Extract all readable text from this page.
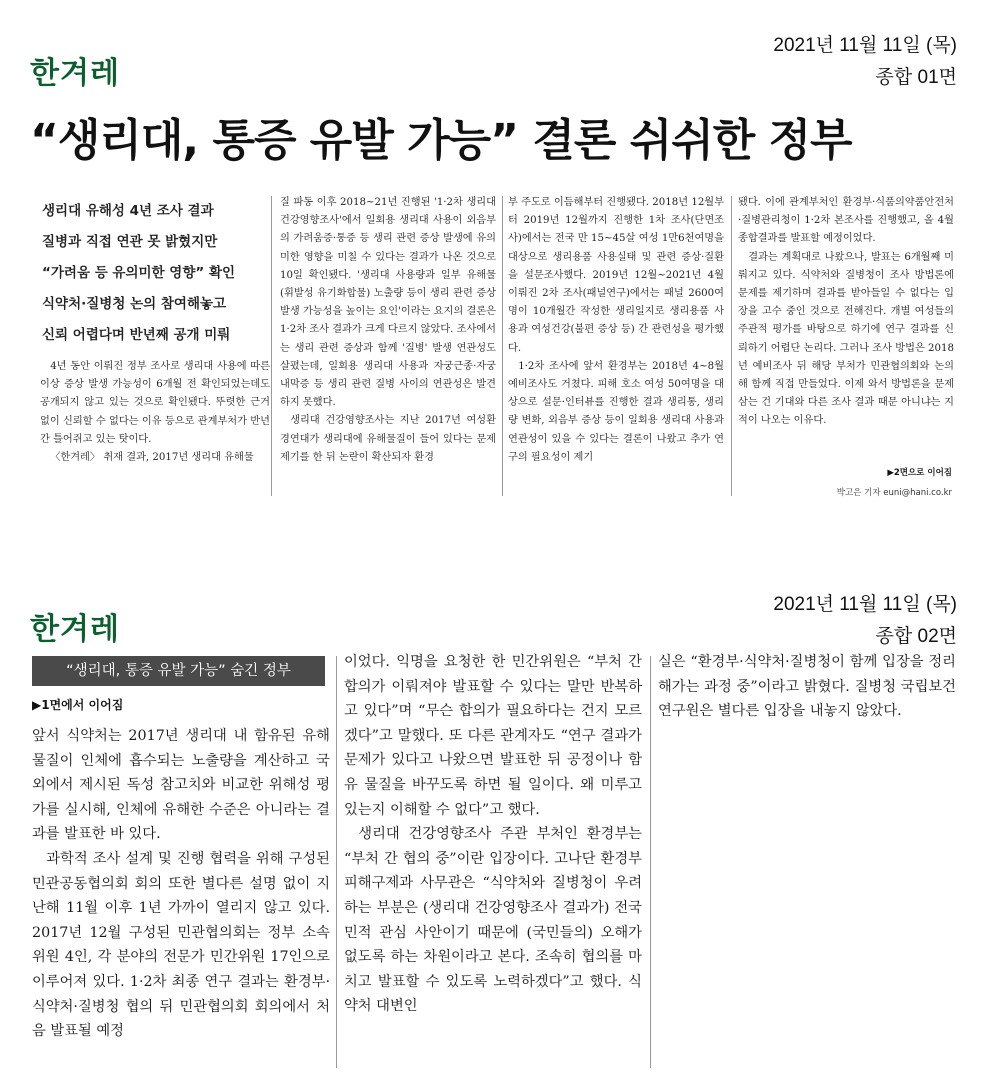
한겨레
2021년 11월 11일 (목)
종합 01면
“생리대, 통증 유발 가능” 결론 쉬쉬한 정부
생리대 유해성 4년 조사 결과
질병과 직접 연관 못 밝혔지만
“가려움 등 유의미한 영향” 확인
식약처·질병청 논의 참여해놓고
신뢰 어렵다며 반년째 공개 미뤄

4년 동안 이뤄진 정부 조사로 생리대 사용에 따른 이상 증상 발생 가능성이 6개월 전 확인되었는데도 공개되지 않고 있는 것으로 확인됐다. 뚜렷한 근거 없이 신뢰할 수 없다는 이유 등으로 관계부처가 반년간 틀어쥐고 있는 탓이다.

〈한겨레〉 취재 결과, 2017년 생리대 유해물

질 파동 이후 2018~21년 진행된 '1·2차 생리대 건강영향조사'에서 일회용 생리대 사용이 외음부의 가려움증·통증 등 생리 관련 증상 발생에 유의미한 영향을 미칠 수 있다는 결과가 나온 것으로 10일 확인됐다. '생리대 사용량과 일부 유해물(휘발성 유기화합물) 노출량 등이 생리 관련 증상 발생 가능성을 높이는 요인'이라는 요지의 결론은 1·2차 조사 결과가 크게 다르지 않았다. 조사에서는 생리 관련 증상과 함께 '질병' 발생 연관성도 살폈는데, 일회용 생리대 사용과 자궁근종·자궁내막증 등 생리 관련 질병 사이의 연관성은 발견하지 못했다.

생리대 건강영향조사는 지난 2017년 여성환경연대가 생리대에 유해물질이 들어 있다는 문제 제기를 한 뒤 논란이 확산되자 환경

부 주도로 이듬해부터 진행됐다. 2018년 12월부터 2019년 12월까지 진행한 1차 조사(단면조사)에서는 전국 만 15~45살 여성 1만6천여명을 대상으로 생리용품 사용실태 및 관련 증상·질환을 설문조사했다. 2019년 12월~2021년 4월 이뤄진 2차 조사(패널연구)에서는 패널 2600여명이 10개월간 작성한 생리일지로 생리용품 사용과 여성건강(불편 증상 등) 간 관련성을 평가했다.

1·2차 조사에 앞서 환경부는 2018년 4~8월 예비조사도 거쳤다. 피해 호소 여성 50여명을 대상으로 설문·인터뷰를 진행한 결과 생리통, 생리량 변화, 외음부 증상 등이 일회용 생리대 사용과 연관성이 있을 수 있다는 결론이 나왔고 추가 연구의 필요성이 제기

됐다. 이에 관계부처인 환경부·식품의약품안전처·질병관리청이 1·2차 본조사를 진행했고, 올 4월 종합결과를 발표할 예정이었다.

결과는 계획대로 나왔으나, 발표는 6개월째 미뤄지고 있다. 식약처와 질병청이 조사 방법론에 문제를 제기하며 결과를 받아들일 수 없다는 입장을 고수 중인 것으로 전해진다. 개별 여성들의 주관적 평가를 바탕으로 하기에 연구 결과를 신뢰하기 어렵단 논리다. 그러나 조사 방법은 2018년 예비조사 뒤 해당 부처가 민관협의회와 논의해 함께 직접 만들었다. 이제 와서 방법론을 문제 삼는 건 기대와 다른 조사 결과 때문 아니냐는 지적이 나오는 이유다.

▶2면으로 이어짐
박고은 기자 euni@hani.co.kr
한겨레
2021년 11월 11일 (목)
종합 02면
“생리대, 통증 유발 가능” 숨긴 정부
▶1면에서 이어짐

앞서 식약처는 2017년 생리대 내 함유된 유해물질이 인체에 흡수되는 노출량을 계산하고 국외에서 제시된 독성 참고치와 비교한 위해성 평가를 실시해, 인체에 유해한 수준은 아니라는 결과를 발표한 바 있다.

과학적 조사 설계 및 진행 협력을 위해 구성된 민관공동협의회 회의 또한 별다른 설명 없이 지난해 11월 이후 1년 가까이 열리지 않고 있다. 2017년 12월 구성된 민관협의회는 정부 소속 위원 4인, 각 분야의 전문가 민간위원 17인으로 이루어져 있다. 1·2차 최종 연구 결과는 환경부·식약처·질병청 협의 뒤 민관협의회 회의에서 처음 발표될 예정

이었다. 익명을 요청한 한 민간위원은 “부처 간 합의가 이뤄져야 발표할 수 있다는 말만 반복하고 있다”며 “무슨 합의가 필요하다는 건지 모르겠다”고 말했다. 또 다른 관계자도 “연구 결과가 문제가 있다고 나왔으면 발표한 뒤 공정이나 함유 물질을 바꾸도록 하면 될 일이다. 왜 미루고 있는지 이해할 수 없다”고 했다.

생리대 건강영향조사 주관 부처인 환경부는 “부처 간 협의 중”이란 입장이다. 고나단 환경부 피해구제과 사무관은 “식약처와 질병청이 우려하는 부분은 (생리대 건강영향조사 결과가) 전국민적 관심 사안이기 때문에 (국민들의) 오해가 없도록 하는 차원이라고 본다. 조속히 협의를 마치고 발표할 수 있도록 노력하겠다”고 했다. 식약처 대변인

실은 “환경부·식약처·질병청이 함께 입장을 정리해가는 과정 중”이라고 밝혔다. 질병청 국립보건연구원은 별다른 입장을 내놓지 않았다.
